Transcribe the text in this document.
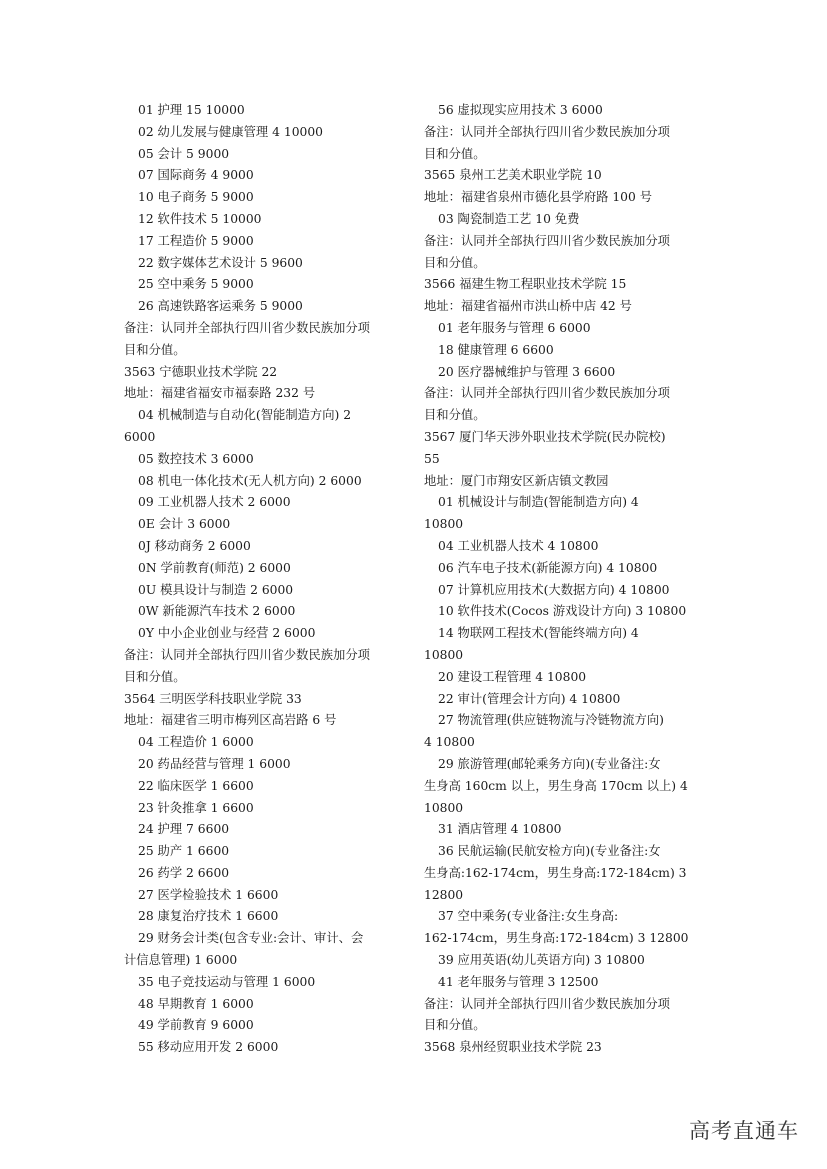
01 护理 15 10000
02 幼儿发展与健康管理 4 10000
05 会计 5 9000
07 国际商务 4 9000
10 电子商务 5 9000
12 软件技术 5 10000
17 工程造价 5 9000
22 数字媒体艺术设计 5 9600
25 空中乘务 5 9000
26 高速铁路客运乘务 5 9000
备注：认同并全部执行四川省少数民族加分项
目和分值。
3563 宁德职业技术学院 22
地址：福建省福安市福泰路 232 号
04 机械制造与自动化(智能制造方向) 2
6000
05 数控技术 3 6000
08 机电一体化技术(无人机方向) 2 6000
09 工业机器人技术 2 6000
0E 会计 3 6000
0J 移动商务 2 6000
0N 学前教育(师范) 2 6000
0U 模具设计与制造 2 6000
0W 新能源汽车技术 2 6000
0Y 中小企业创业与经营 2 6000
备注：认同并全部执行四川省少数民族加分项
目和分值。
3564 三明医学科技职业学院 33
地址：福建省三明市梅列区高岩路 6 号
04 工程造价 1 6000
20 药品经营与管理 1 6000
22 临床医学 1 6600
23 针灸推拿 1 6600
24 护理 7 6600
25 助产 1 6600
26 药学 2 6600
27 医学检验技术 1 6600
28 康复治疗技术 1 6600
29 财务会计类(包含专业:会计、审计、会
计信息管理) 1 6000
35 电子竞技运动与管理 1 6000
48 早期教育 1 6000
49 学前教育 9 6000
55 移动应用开发 2 6000
56 虚拟现实应用技术 3 6000
备注：认同并全部执行四川省少数民族加分项
目和分值。
3565 泉州工艺美术职业学院 10
地址：福建省泉州市德化县学府路 100 号
03 陶瓷制造工艺 10 免费
备注：认同并全部执行四川省少数民族加分项
目和分值。
3566 福建生物工程职业技术学院 15
地址：福建省福州市洪山桥中店 42 号
01 老年服务与管理 6 6000
18 健康管理 6 6600
20 医疗器械维护与管理 3 6600
备注：认同并全部执行四川省少数民族加分项
目和分值。
3567 厦门华天涉外职业技术学院(民办院校)
55
地址：厦门市翔安区新店镇文教园
01 机械设计与制造(智能制造方向) 4
10800
04 工业机器人技术 4 10800
06 汽车电子技术(新能源方向) 4 10800
07 计算机应用技术(大数据方向) 4 10800
10 软件技术(Cocos 游戏设计方向) 3 10800
14 物联网工程技术(智能终端方向) 4
10800
20 建设工程管理 4 10800
22 审计(管理会计方向) 4 10800
27 物流管理(供应链物流与冷链物流方向)
4 10800
29 旅游管理(邮轮乘务方向)(专业备注:女
生身高 160cm 以上，男生身高 170cm 以上) 4
10800
31 酒店管理 4 10800
36 民航运输(民航安检方向)(专业备注:女
生身高:162-174cm，男生身高:172-184cm) 3
12800
37 空中乘务(专业备注:女生身高:
162-174cm，男生身高:172-184cm) 3 12800
39 应用英语(幼儿英语方向) 3 10800
41 老年服务与管理 3 12500
备注：认同并全部执行四川省少数民族加分项
目和分值。
3568 泉州经贸职业技术学院 23
高考直通车
